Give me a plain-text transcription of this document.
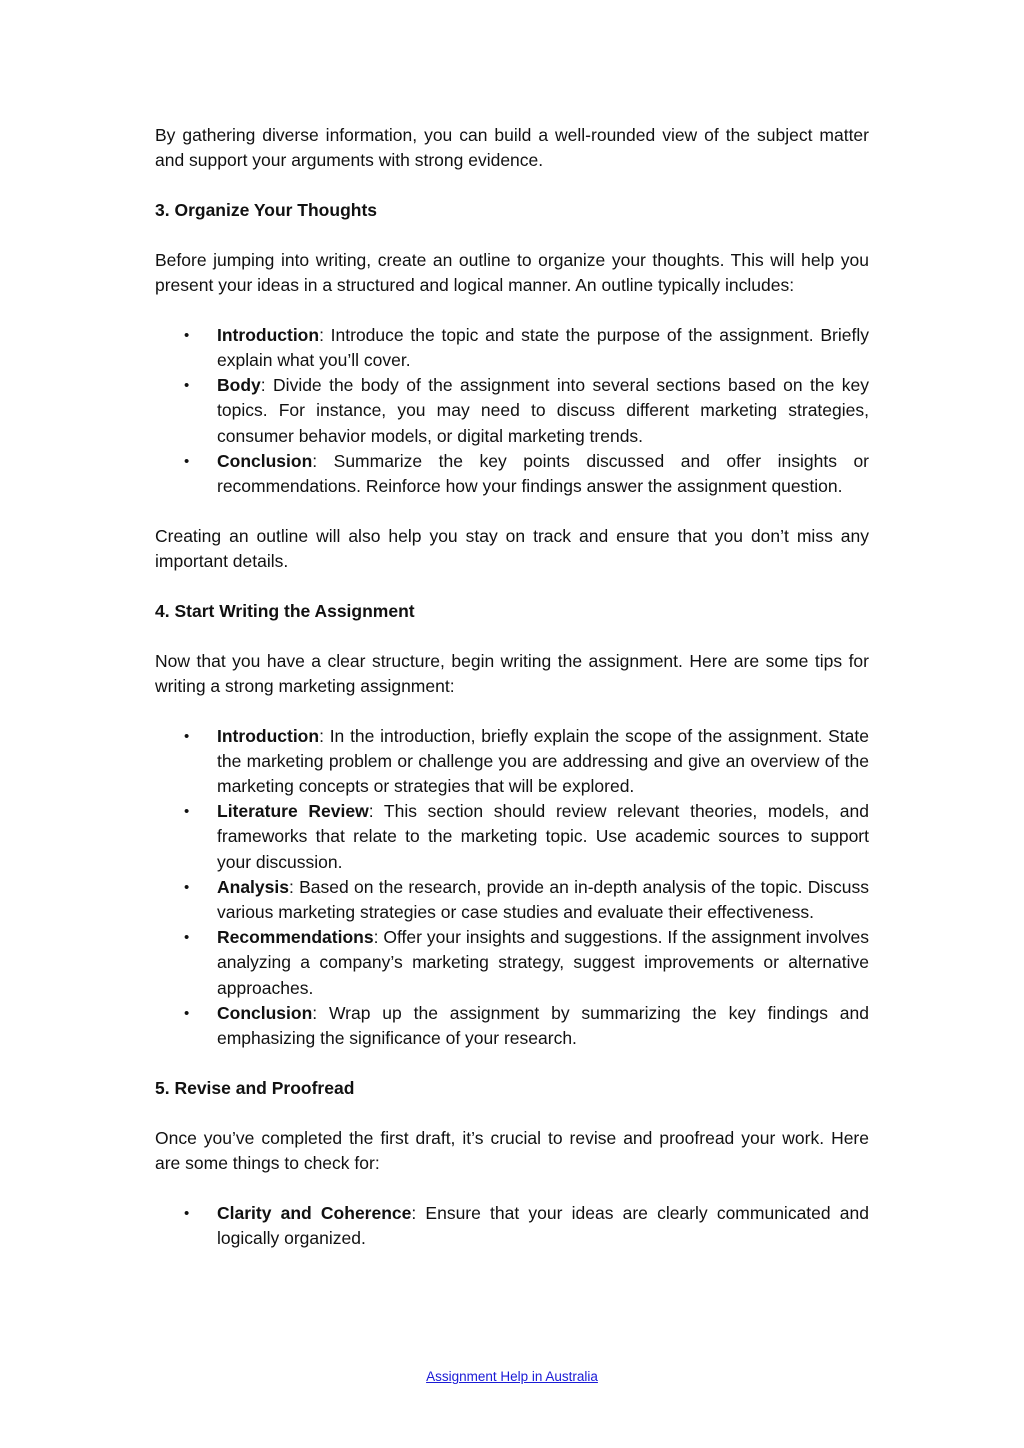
By gathering diverse information, you can build a well-rounded view of the subject matter and support your arguments with strong evidence.

3. Organize Your Thoughts

Before jumping into writing, create an outline to organize your thoughts. This will help you present your ideas in a structured and logical manner. An outline typically includes:

• Introduction: Introduce the topic and state the purpose of the assignment. Briefly explain what you’ll cover.
• Body: Divide the body of the assignment into several sections based on the key topics. For instance, you may need to discuss different marketing strategies, consumer behavior models, or digital marketing trends.
• Conclusion: Summarize the key points discussed and offer insights or recommendations. Reinforce how your findings answer the assignment question.

Creating an outline will also help you stay on track and ensure that you don’t miss any important details.

4. Start Writing the Assignment

Now that you have a clear structure, begin writing the assignment. Here are some tips for writing a strong marketing assignment:

• Introduction: In the introduction, briefly explain the scope of the assignment. State the marketing problem or challenge you are addressing and give an overview of the marketing concepts or strategies that will be explored.
• Literature Review: This section should review relevant theories, models, and frameworks that relate to the marketing topic. Use academic sources to support your discussion.
• Analysis: Based on the research, provide an in-depth analysis of the topic. Discuss various marketing strategies or case studies and evaluate their effectiveness.
• Recommendations: Offer your insights and suggestions. If the assignment involves analyzing a company’s marketing strategy, suggest improvements or alternative approaches.
• Conclusion: Wrap up the assignment by summarizing the key findings and emphasizing the significance of your research.
5. Revise and Proofread

Once you’ve completed the first draft, it’s crucial to revise and proofread your work. Here are some things to check for:

• Clarity and Coherence: Ensure that your ideas are clearly communicated and logically organized.
Assignment Help in Australia
